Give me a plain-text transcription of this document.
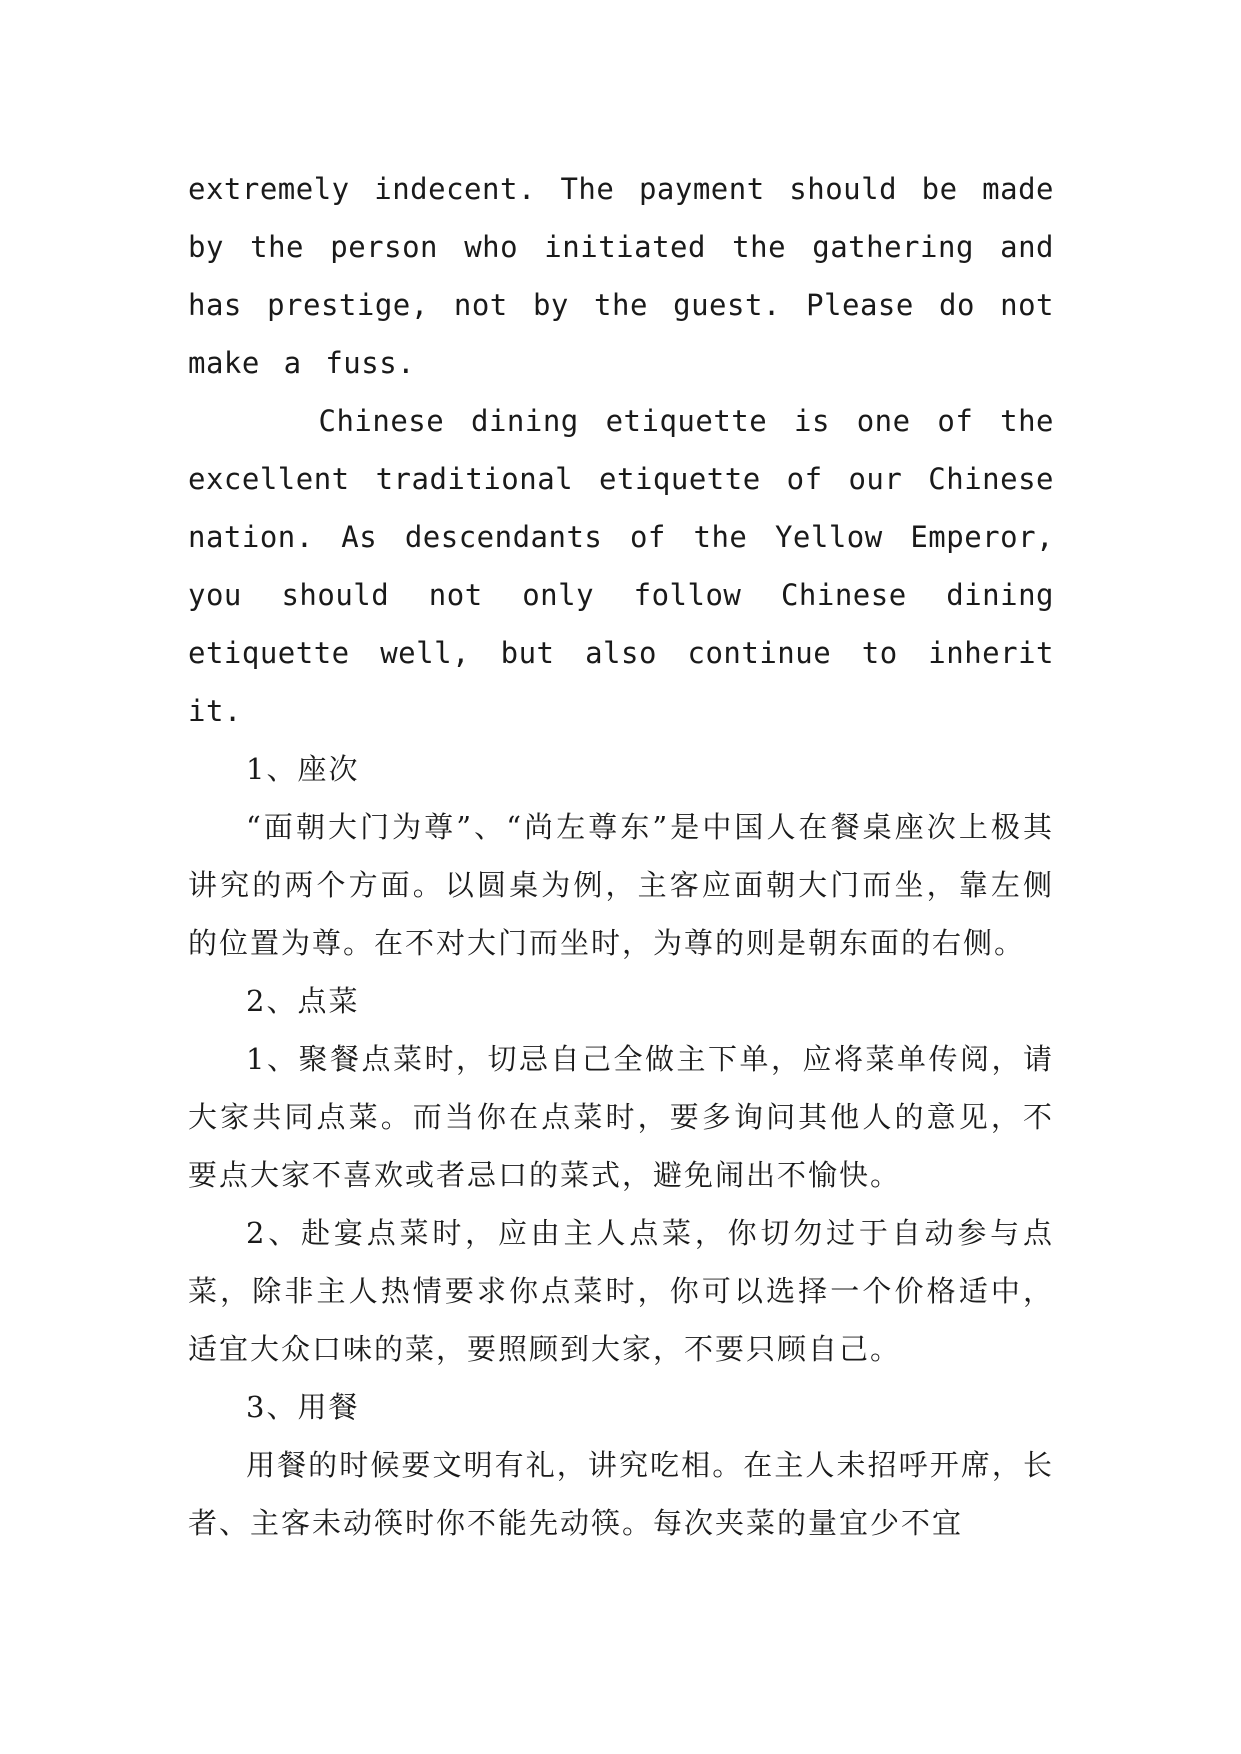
extremely indecent. The payment should be made by the person who initiated the gathering and has prestige, not by the guest. Please do not make a fuss.

Chinese dining etiquette is one of the excellent traditional etiquette of our Chinese nation. As descendants of the Yellow Emperor, you should not only follow Chinese dining etiquette well, but also continue to inherit it.

1、座次

“面朝大门为尊”、“尚左尊东”是中国人在餐桌座次上极其讲究的两个方面。以圆桌为例，主客应面朝大门而坐，靠左侧的位置为尊。在不对大门而坐时，为尊的则是朝东面的右侧。

2、点菜

1、聚餐点菜时，切忌自己全做主下单，应将菜单传阅，请大家共同点菜。而当你在点菜时，要多询问其他人的意见，不要点大家不喜欢或者忌口的菜式，避免闹出不愉快。

2、赴宴点菜时，应由主人点菜，你切勿过于自动参与点菜，除非主人热情要求你点菜时，你可以选择一个价格适中，适宜大众口味的菜，要照顾到大家，不要只顾自己。

3、用餐

用餐的时候要文明有礼，讲究吃相。在主人未招呼开席，长者、主客未动筷时你不能先动筷。每次夹菜的量宜少不宜
